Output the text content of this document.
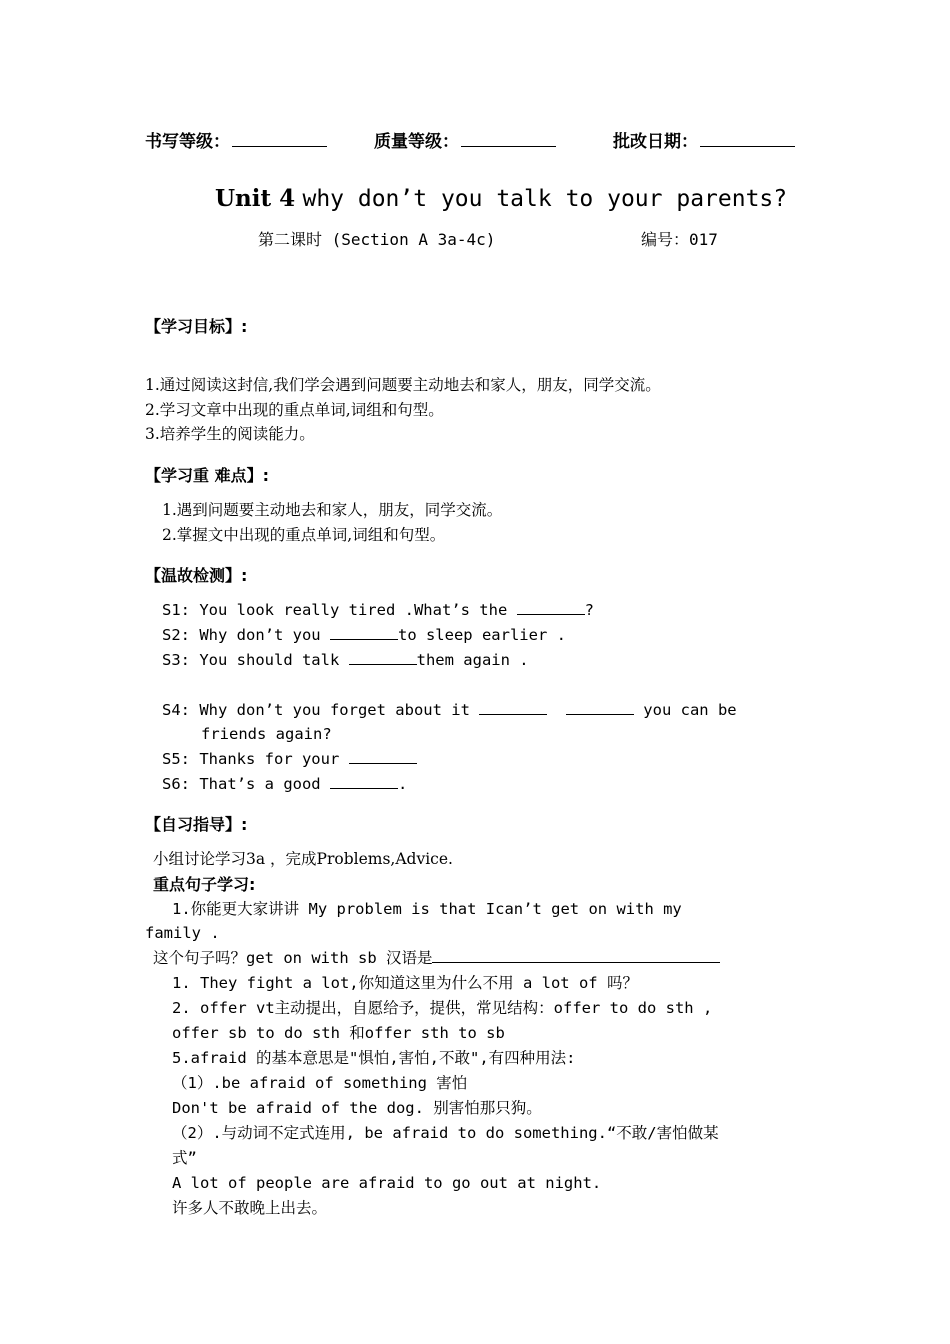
书写等级：	质量等级：	批改日期：
Unit 4 why don’t you talk to your parents?
第二课时 (Section A 3a-4c)	编号：017
【学习目标】:
1.通过阅读这封信,我们学会遇到问题要主动地去和家人，朋友，同学交流。
2.学习文章中出现的重点单词,词组和句型。
3.培养学生的阅读能力。
【学习重 难点】:
1.遇到问题要主动地去和家人，朋友，同学交流。
2.掌握文中出现的重点单词,词组和句型。
【温故检测】:
S1: You look really tired .What’s the	?
S2: Why don’t you	to sleep earlier .
S3: You should talk	them again .
S4: Why don’t you forget about it	you can be
friends again?
S5: Thanks for your
S6: That’s a good	.
【自习指导】:
小组讨论学习3a ，完成Problems,Advice.
重点句子学习:
1.你能更大家讲讲 My problem is that Ican’t get on with my
family .
这个句子吗？get on with sb 汉语是
1. They fight a lot,你知道这里为什么不用 a lot of 吗？
2. offer vt主动提出，自愿给予，提供，常见结构：offer to do sth ,
offer sb to do sth 和offer sth to sb
5.afraid 的基本意思是"惧怕,害怕,不敢",有四种用法:
（1）.be afraid of something 害怕
Don't be afraid of the dog. 别害怕那只狗。
（2）.与动词不定式连用, be afraid to do something.“不敢/害怕做某
式”
A lot of people are afraid to go out at night.
许多人不敢晚上出去。
